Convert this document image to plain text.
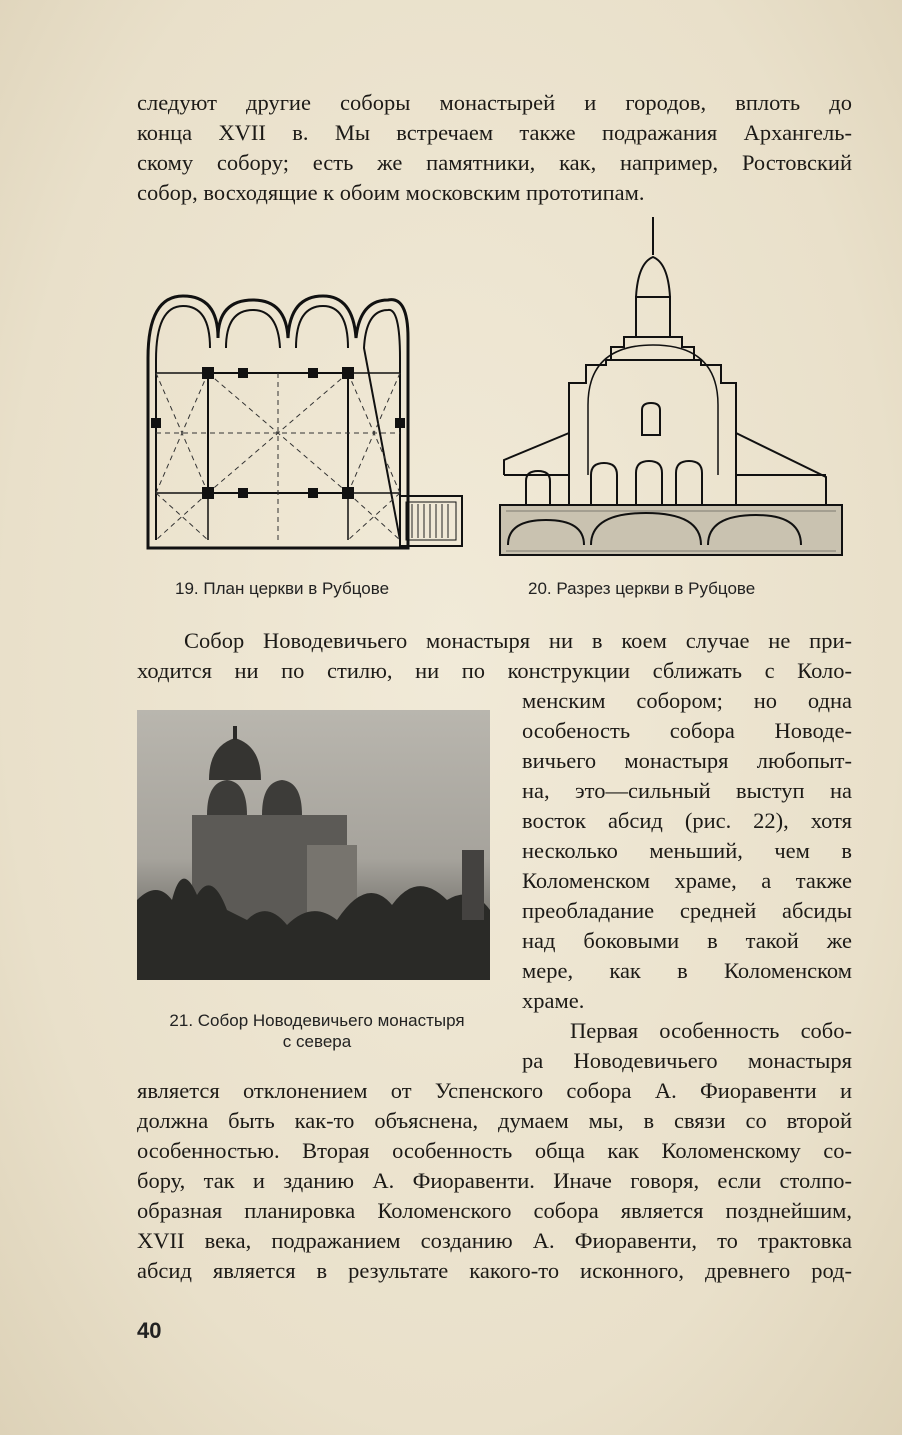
следуют другие соборы монастырей и городов, вплоть до

конца XVII в. Мы встречаем также подражания Архангель-

скому собору; есть же памятники, как, например, Ростовский

собор, восходящие к обоим московским прототипам.

19. План церкви в Рубцове	20. Разрез церкви в Рубцове

Собор Новодевичьего монастыря ни в коем случае не при-

ходится ни по стилю, ни по конструкции сближать с Коло-

менским собором; но одна

особеность собора Новоде-

вичьего монастыря любопыт-

на, это—сильный выступ на

восток абсид (рис. 22), хотя

несколько меньший, чем в

Коломенском храме, а также

преобладание средней абсиды

над боковыми в такой же

мере, как в Коломенском

храме.

21. Собор Новодевичьего монастыря

с севера	Первая особенность собо-

ра Новодевичьего монастыря

является отклонением от Успенского собора А. Фиоравенти и

должна быть как-то объяснена, думаем мы, в связи со второй

особенностью. Вторая особенность обща как Коломенскому со-

бору, так и зданию А. Фиоравенти. Иначе говоря, если столпо-

образная планировка Коломенского собора является позднейшим,

XVII века, подражанием созданию А. Фиоравенти, то трактовка

абсид является в результате какого-то исконного, древнего род-

40
